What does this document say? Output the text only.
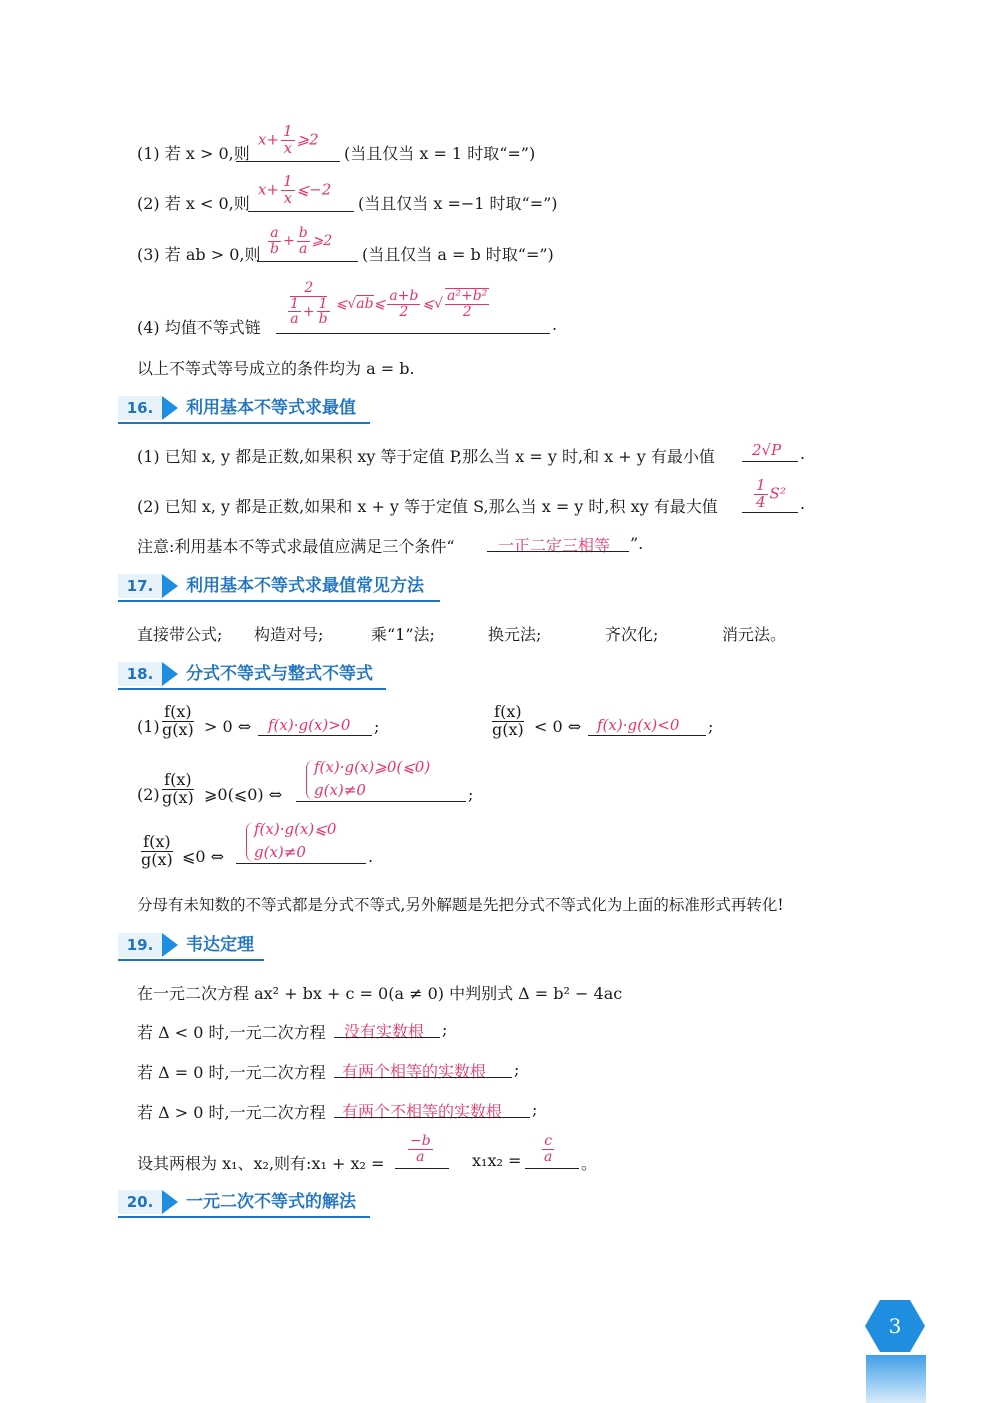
(1) 若 x > 0,则
$x+ \frac{1}{x}$ ⩾2
(当且仅当 x = 1 时取“=”)
(2) 若 x < 0,则
$x+ \frac{1}{x}$ ⩽−2
(当且仅当 x =−1 时取“=”)
(3) 若 ab > 0,则 $\frac{a}{b} + \frac{b}{a}$ ⩾2
(当且仅当 a = b 时取“=”)
(4) 均值不等式链
$\frac{2}{\frac{1}{a} + \frac{1}{b}}$ ⩽√ab⩽ $\frac{a+b}{2}$ ⩽√ $\frac{\text{a²+b²}}{2}$
.
以上不等式等号成立的条件均为 a = b.
16.	利用基本不等式求最值
(1) 已知 x, y 都是正数,如果积 xy 等于定值 P,那么当 x = y 时,和 x + y 有最小值 2√P .
(2) 已知 x, y 都是正数,如果和 x + y 等于定值 S,那么当 x = y 时,积 xy 有最大值 $\frac{1}{4} S^2$
.
注意:利用基本不等式求最值应满足三个条件“	一正二定三相等 ”.
17.	利用基本不等式求最值常见方法
直接带公式; 构造对号;	乘“1”法;	换元法;	齐次化;	消元法。
18.	分式不等式与整式不等式
$(1) \frac{f(x)}{g(x)} > 0$ ⇔ f(x)·g(x)>0 ;	$\frac{f(x)}{g(x)} < 0$ ⇔ f(x)·g(x)<0 ;
$(2) \frac{f(x)}{g(x)}$ ⩾0(⩽0) ⇔
f(x)·g(x)⩾0(⩽0)
g(x)≠0	;
$\frac{f(x)}{g(x)}$ ⩽0 ⇔
f(x)·g(x)⩽0
g(x)≠0	.
分母有未知数的不等式都是分式不等式,另外解题是先把分式不等式化为上面的标准形式再转化!
19.	韦达定理
在一元二次方程 ax² + bx + c = 0(a ≠ 0) 中判别式 Δ = b² − 4ac
若 Δ < 0 时,一元二次方程 没有实数根 ;
若 Δ = 0 时,一元二次方程 有两个相等的实数根 ;
若 Δ > 0 时,一元二次方程 有两个不相等的实数根 ;
设其两根为 x₁、x₂,则有:x₁ + $x_2 = \frac{-b}{a} x_1x_2 = \frac{c}{a}$ 。
20.	一元二次不等式的解法
3
